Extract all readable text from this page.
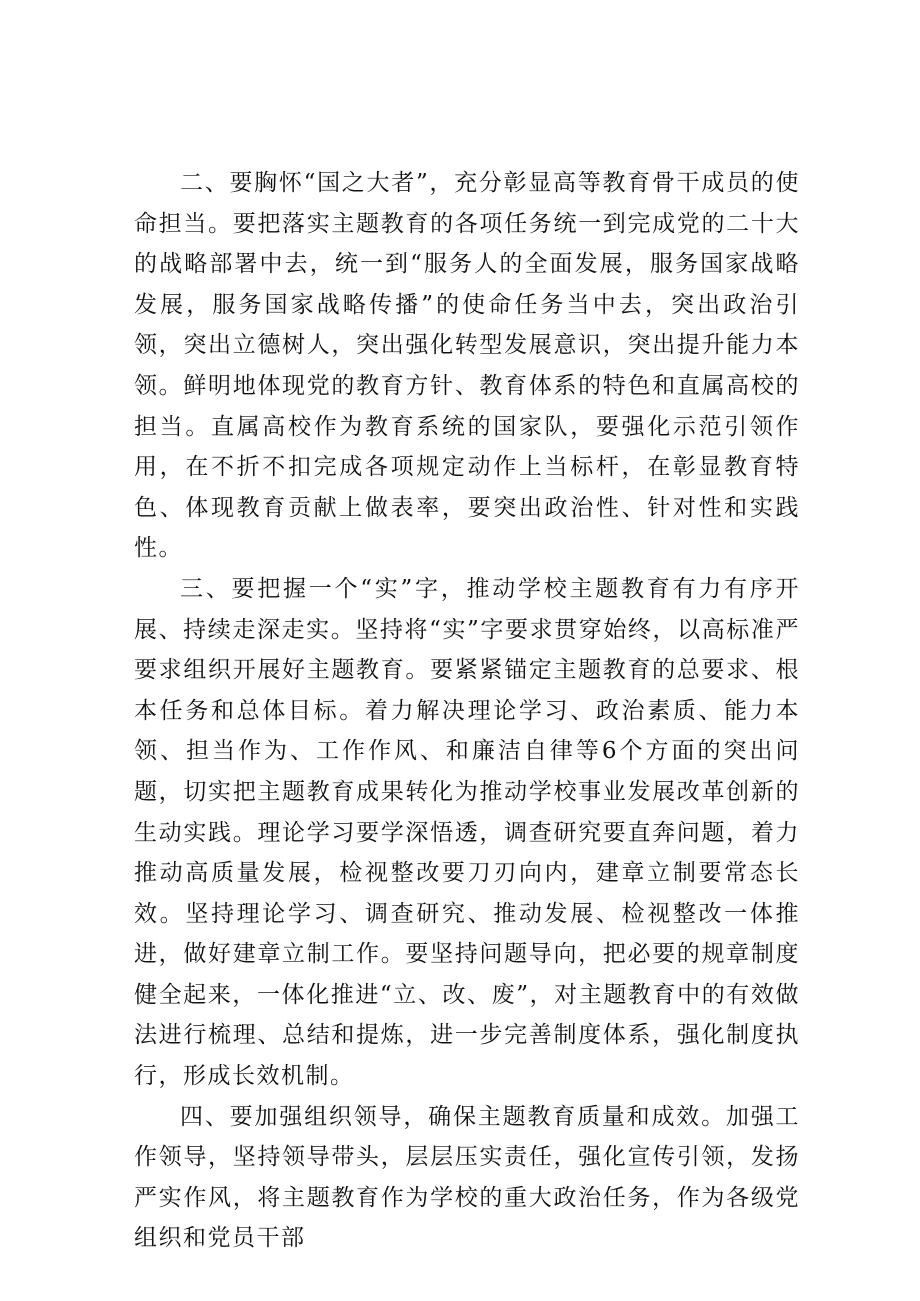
二、要胸怀“国之大者”，充分彰显高等教育骨干成员的使命担当。要把落实主题教育的各项任务统一到完成党的二十大的战略部署中去，统一到“服务人的全面发展，服务国家战略发展，服务国家战略传播”的使命任务当中去，突出政治引领，突出立德树人，突出强化转型发展意识，突出提升能力本领。鲜明地体现党的教育方针、教育体系的特色和直属高校的担当。直属高校作为教育系统的国家队，要强化示范引领作用，在不折不扣完成各项规定动作上当标杆，在彰显教育特色、体现教育贡献上做表率，要突出政治性、针对性和实践性。

三、要把握一个“实”字，推动学校主题教育有力有序开展、持续走深走实。坚持将“实”字要求贯穿始终，以高标准严要求组织开展好主题教育。要紧紧锚定主题教育的总要求、根本任务和总体目标。着力解决理论学习、政治素质、能力本领、担当作为、工作作风、和廉洁自律等6个方面的突出问题，切实把主题教育成果转化为推动学校事业发展改革创新的生动实践。理论学习要学深悟透，调查研究要直奔问题，着力推动高质量发展，检视整改要刀刃向内，建章立制要常态长效。坚持理论学习、调查研究、推动发展、检视整改一体推进，做好建章立制工作。要坚持问题导向，把必要的规章制度健全起来，一体化推进“立、改、废”，对主题教育中的有效做法进行梳理、总结和提炼，进一步完善制度体系，强化制度执行，形成长效机制。

四、要加强组织领导，确保主题教育质量和成效。加强工作领导，坚持领导带头，层层压实责任，强化宣传引领，发扬严实作风，将主题教育作为学校的重大政治任务，作为各级党组织和党员干部
